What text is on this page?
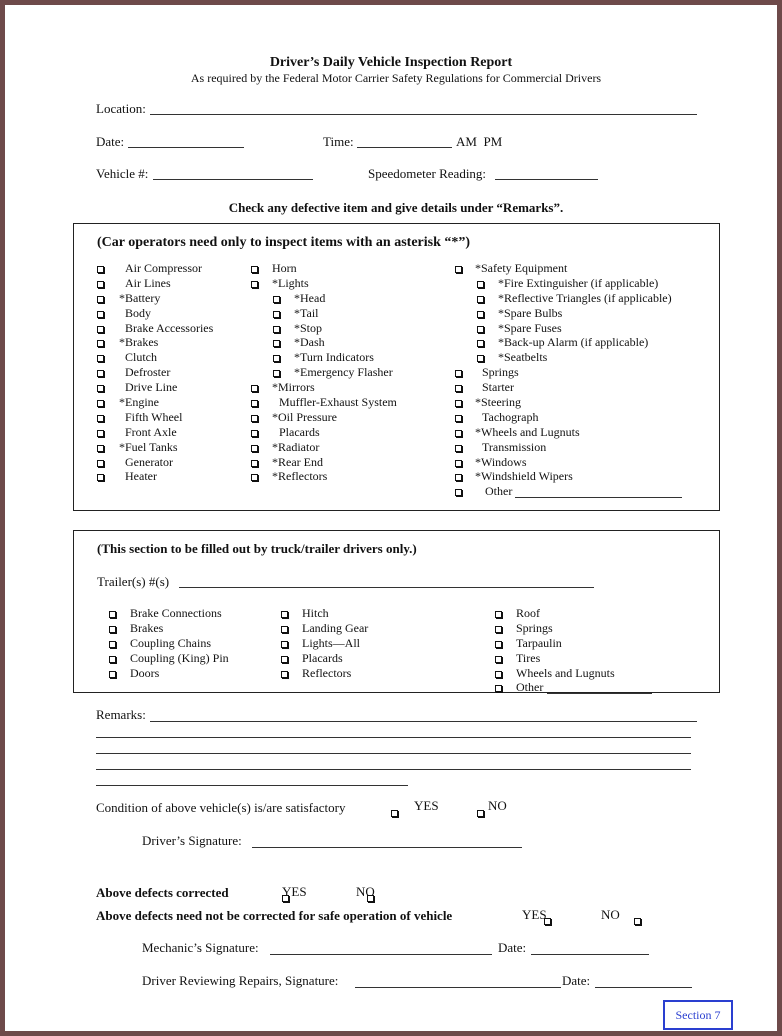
Driver’s Daily Vehicle Inspection Report
As required by the Federal Motor Carrier Safety Regulations for Commercial Drivers
Location:
Date:	Time:	AM  PM
Vehicle #:	Speedometer Reading:
Check any defective item and give details under “Remarks”.
(Car operators need only to inspect items with an asterisk “*”)
Air Compressor
Air Lines
*Battery
Body
Brake Accessories
*Brakes
Clutch
Defroster
Drive Line
*Engine
Fifth Wheel
Front Axle
*Fuel Tanks
Generator
Heater
Horn
*Lights
*Head
*Tail
*Stop
*Dash
*Turn Indicators
*Emergency Flasher
*Mirrors
Muffler-Exhaust System
*Oil Pressure
Placards
*Radiator
*Rear End
*Reflectors
*Safety Equipment
*Fire Extinguisher (if applicable)
*Reflective Triangles (if applicable)
*Spare Bulbs
*Spare Fuses
*Back-up Alarm (if applicable)
*Seatbelts
Springs
Starter
*Steering
Tachograph
*Wheels and Lugnuts
Transmission
*Windows
*Windshield Wipers
Other
(This section to be filled out by truck/trailer drivers only.)
Trailer(s) #(s)
Brake Connections
Brakes
Coupling Chains
Coupling (King) Pin
Doors
Hitch
Landing Gear
Lights—All
Placards
Reflectors
Roof
Springs
Tarpaulin
Tires
Wheels and Lugnuts
Other
Remarks:
Condition of above vehicle(s) is/are satisfactory
	YES
	NO
Driver’s Signature:
Above defects corrected
	YES
	NO
Above defects need not be corrected for safe operation of vehicle
	YES	NO
Mechanic’s Signature:	Date:
Driver Reviewing Repairs, Signature:	Date:
Section 7
